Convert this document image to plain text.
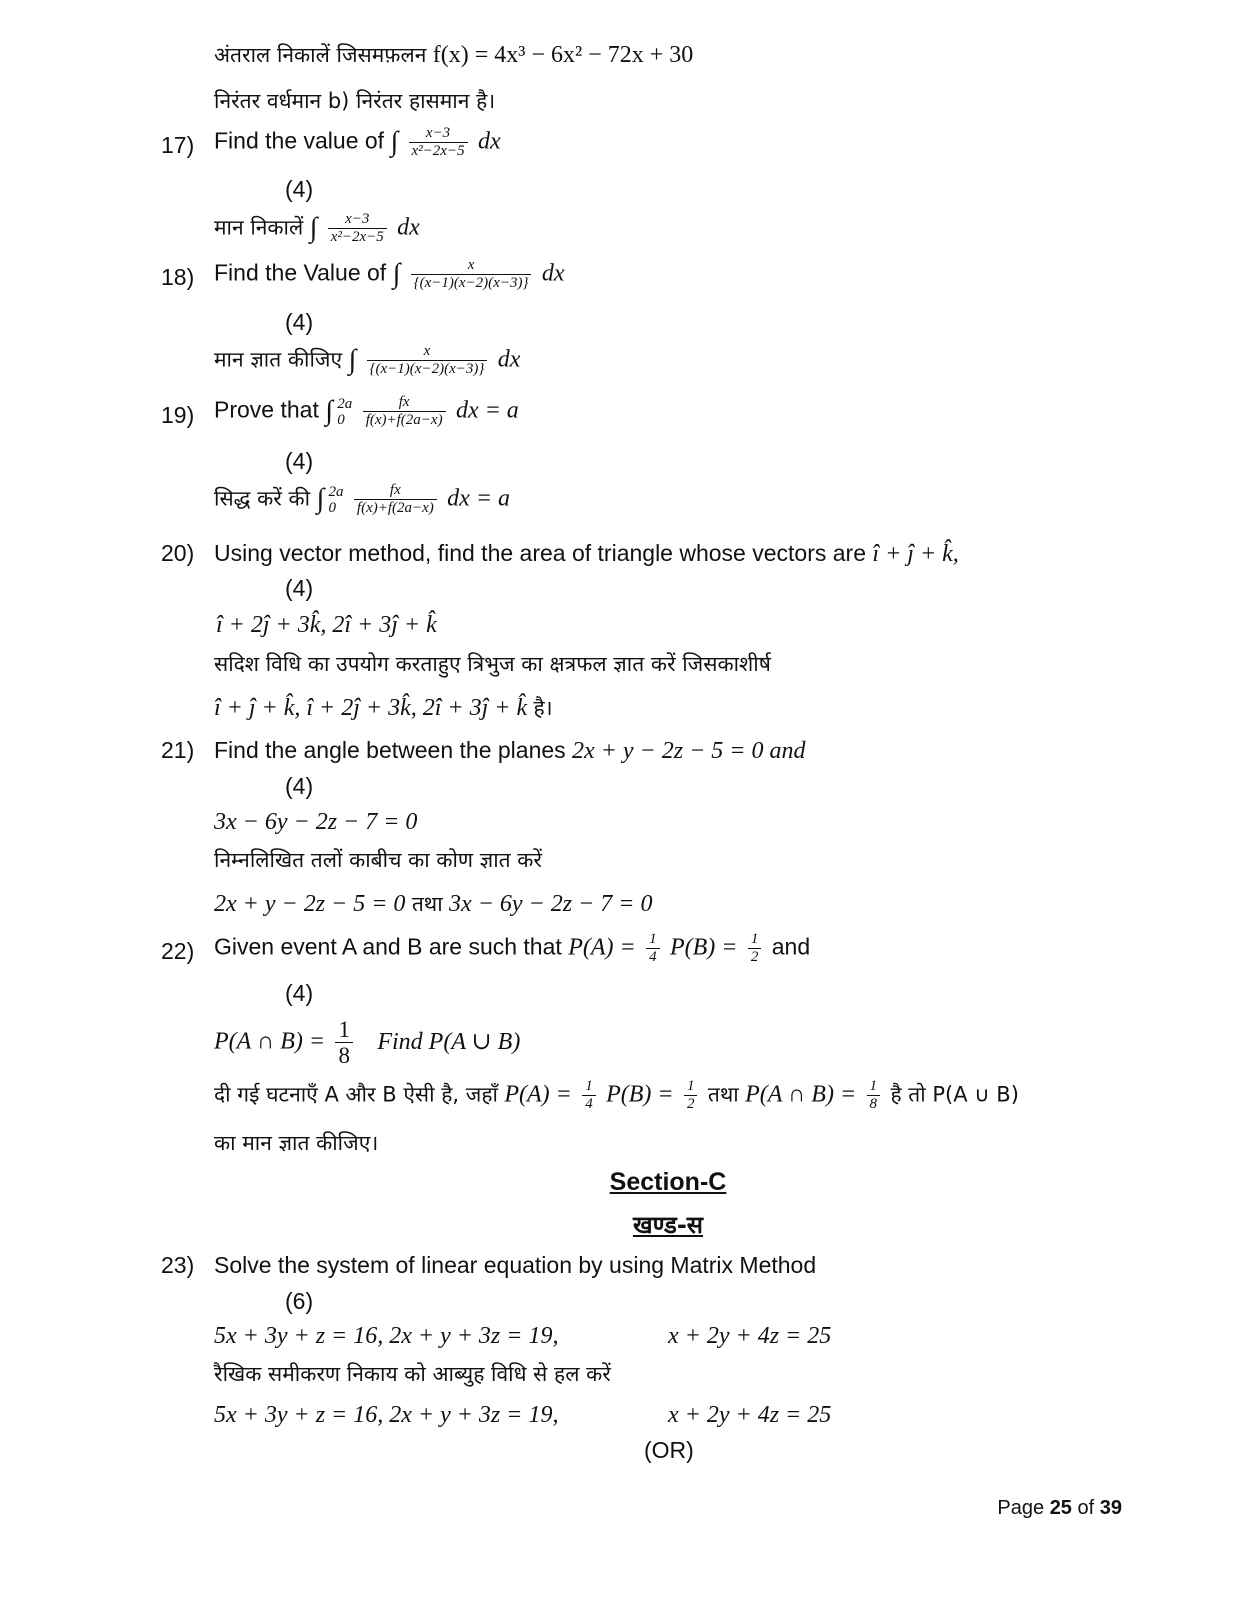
अंतराल निकालें जिसमफ़लन f(x) = 4x³ − 6x² − 72x + 30
निरंतर वर्धमान b) निरंतर हासमान है।
17) Find the value of ∫ $\frac{x-3}{\text{x²−2x−5}}$ dx
(4)
मान निकालें ∫ $\frac{x-3}{\text{x²−2x−5}}$ dx
18) Find the Value of ∫ $\frac{x}{\{(x-1)(x-2)(x-3)\}}$ dx
(4)
मान ज्ञात कीजिए ∫ $\frac{x}{\{(x-1)(x-2)(x-3)\}}$ dx
19) Prove that ∫ 2a
0
	$\frac{fx}{f(x)+f(2a-x)}$ dx = a
(4)
सिद्ध करें की ∫ 2a
0
	$\frac{fx}{f(x)+f(2a-x)}$ dx = a
20) Using vector method, find the area of triangle whose vectors are î + ĵ + k̂,
(4)
î + 2ĵ + 3k̂, 2î + 3ĵ + k̂
सदिश विधि का उपयोग करताहुए त्रिभुज का क्षत्रफल ज्ञात करें जिसकाशीर्ष
î + ĵ + k̂, î + 2ĵ + 3k̂, 2î + 3ĵ + k̂ है।
21) Find the angle between the planes 2x + y − 2z − 5 = 0 and
(4)
3x − 6y − 2z − 7 = 0
निम्नलिखित तलों काबीच का कोण ज्ञात करें
2x + y − 2z − 5 = 0 तथा 3x − 6y − 2z − 7 = 0
22) Given event A and B are such that $P(A) = \frac{1}{4} P(B) = \frac{1}{2}$ and
(4)
P(A ∩ $B) = \frac{1}{8}$ Find P(A ∪ B)
दी गई घटनाएँ A और B ऐसी है, जहाँ $P(A) = \frac{1}{4} P(B) = \frac{1}{2}$ तथा P(A ∩ $B) = \frac{1}{8}$ है तो P(A ∪ B)
का मान ज्ञात कीजिए।
Section-C
खण्ड-स
23) Solve the system of linear equation by using Matrix Method
(6)
5x + 3y + z = 16, 2x + y + 3z = 19,	x + 2y + 4z = 25
रैखिक समीकरण निकाय को आब्युह विधि से हल करें
5x + 3y + z = 16, 2x + y + 3z = 19,	x + 2y + 4z = 25
(OR)
Page 25 of 39
